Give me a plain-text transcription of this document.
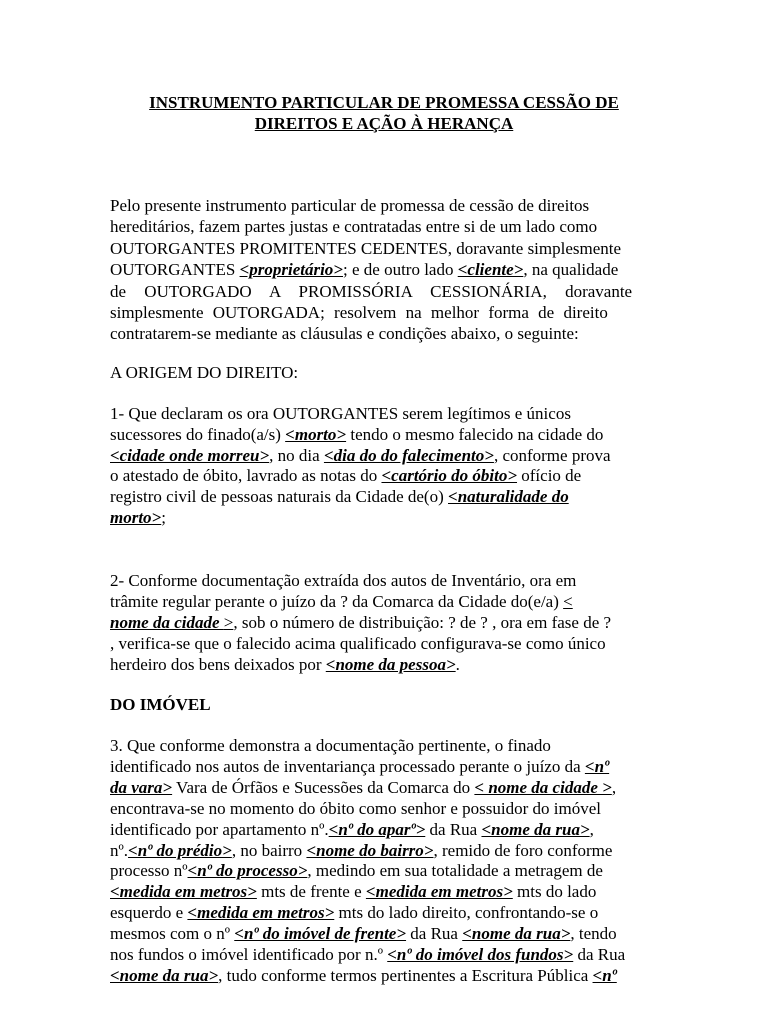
INSTRUMENTO PARTICULAR DE PROMESSA CESSÃO DE
DIREITOS E AÇÃO À HERANÇA
Pelo presente instrumento particular de promessa de cessão de direitos
hereditários, fazem partes justas e contratadas entre si de um lado como
OUTORGANTES PROMITENTES CEDENTES, doravante simplesmente
OUTORGANTES <proprietário>; e de outro lado <cliente>, na qualidade
de OUTORGADO A PROMISSÓRIA CESSIONÁRIA, doravante
simplesmente OUTORGADA; resolvem na melhor forma de direito
contratarem-se mediante as cláusulas e condições abaixo, o seguinte:
A ORIGEM DO DIREITO:
1- Que declaram os ora OUTORGANTES serem legítimos e únicos
sucessores do finado(a/s) <morto> tendo o mesmo falecido na cidade do
<cidade onde morreu>, no dia <dia do do falecimento>, conforme prova
o atestado de óbito, lavrado as notas do <cartório do óbito> ofício de
registro civil de pessoas naturais da Cidade de(o) <naturalidade do
morto>;
2- Conforme documentação extraída dos autos de Inventário, ora em
trâmite regular perante o juízo da ? da Comarca da Cidade do(e/a) <
nome da cidade >, sob o número de distribuição: ? de ? , ora em fase de ?
, verifica-se que o falecido acima qualificado configurava-se como único
herdeiro dos bens deixados por <nome da pessoa>.
DO IMÓVEL
3. Que conforme demonstra a documentação pertinente, o finado
identificado nos autos de inventariança processado perante o juízo da <nº
da vara> Vara de Órfãos e Sucessões da Comarca do < nome da cidade >,
encontrava-se no momento do óbito como senhor e possuidor do imóvel
identificado por apartamento nº.<nº do aparº> da Rua <nome da rua>,
nº.<nº do prédio>, no bairro <nome do bairro>, remido de foro conforme
processo nº<nº do processo>, medindo em sua totalidade a metragem de
<medida em metros> mts de frente e <medida em metros> mts do lado
esquerdo e <medida em metros> mts do lado direito, confrontando-se o
mesmos com o nº <nº do imóvel de frente> da Rua <nome da rua>, tendo
nos fundos o imóvel identificado por n.º <nº do imóvel dos fundos> da Rua
<nome da rua>, tudo conforme termos pertinentes a Escritura Pública <nº
